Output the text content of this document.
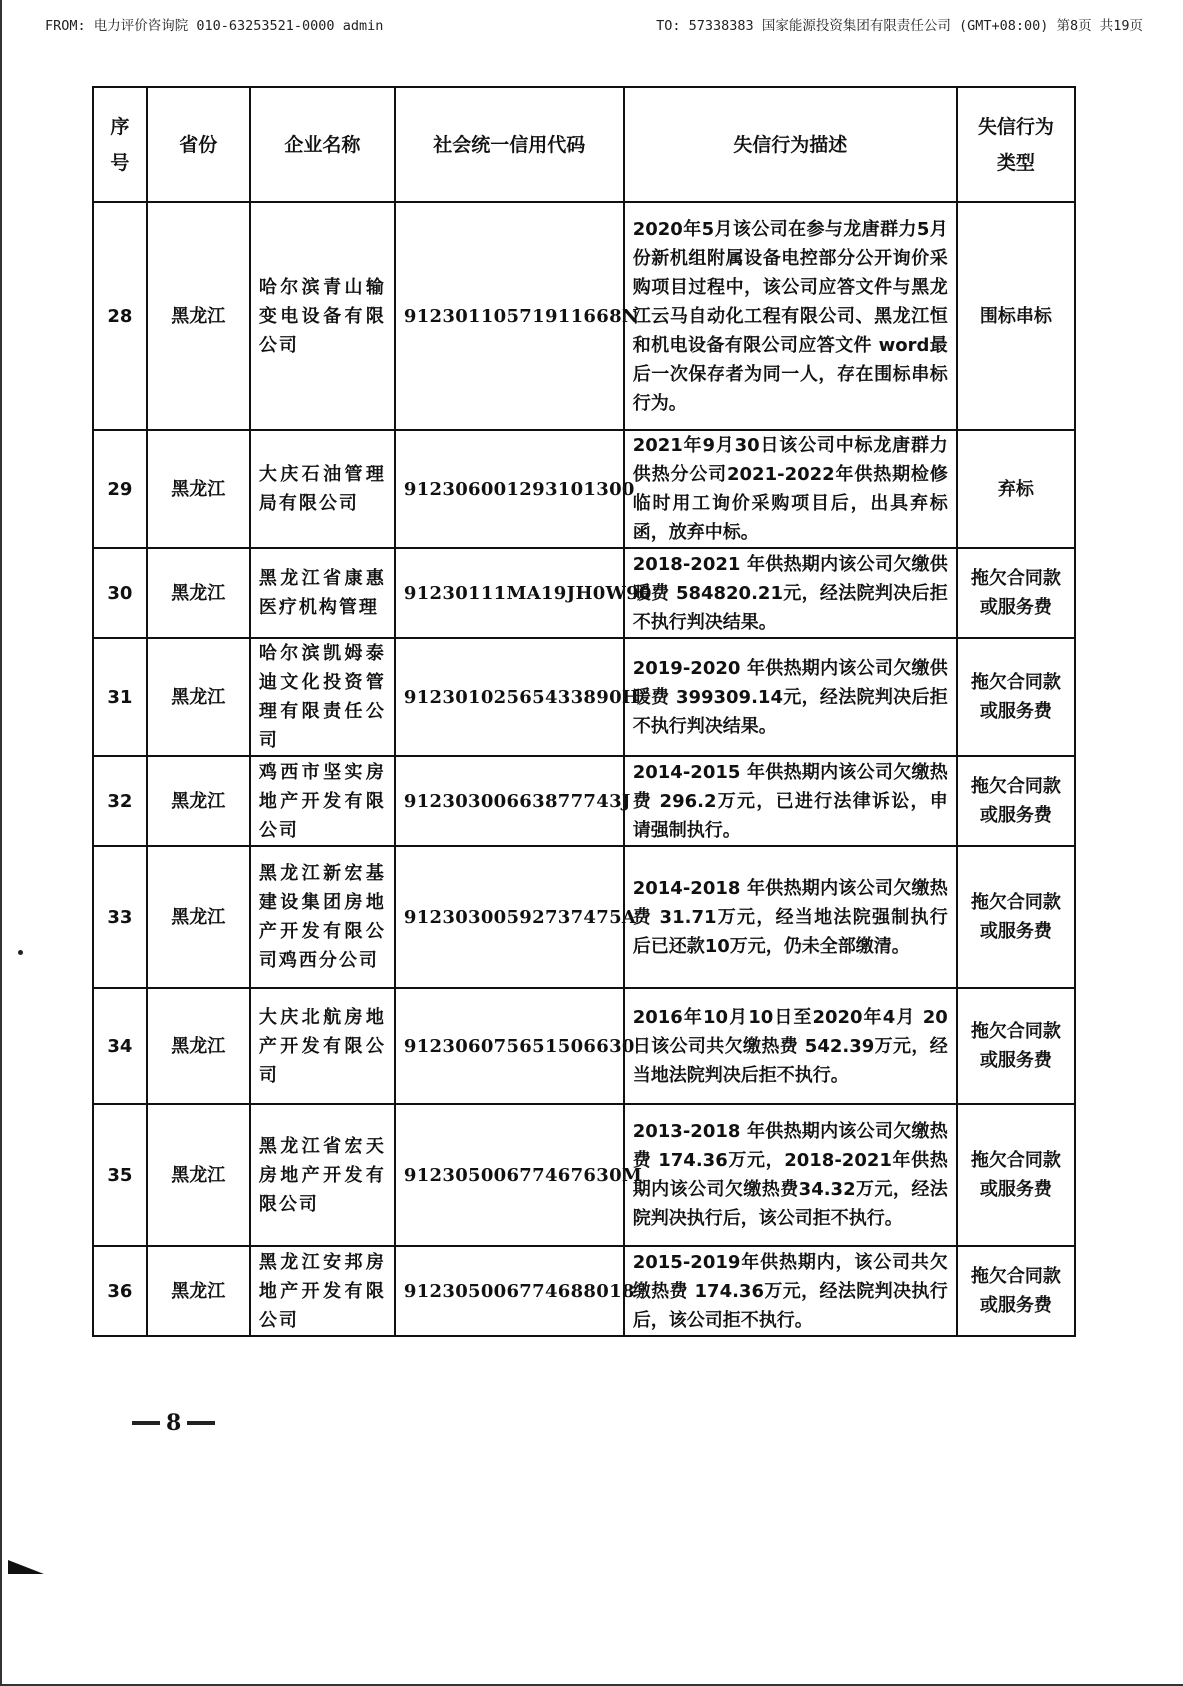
FROM: 电力评价咨询院 010-63253521-0000 admin	TO: 57338383 国家能源投资集团有限责任公司 (GMT+08:00) 第8页 共19页
序
号	省份	企业名称	社会统一信用代码	失信行为描述	失信行为
类型

28	黑龙江	哈尔滨青山输变电设备有限公司	91230110571911668N	2020年5月该公司在参与龙唐群力5月份新机组附属设备电控部分公开询价采购项目过程中，该公司应答文件与黑龙江云马自动化工程有限公司、黑龙江恒和机电设备有限公司应答文件 word最后一次保存者为同一人，存在围标串标行为。	围标串标
29	黑龙江	大庆石油管理局有限公司	912306001293101300	2021年9月30日该公司中标龙唐群力供热分公司2021-2022年供热期检修临时用工询价采购项目后，出具弃标函，放弃中标。	弃标
30	黑龙江	黑龙江省康惠医疗机构管理	91230111MA19JH0W90	2018-2021 年供热期内该公司欠缴供暖费 584820.21元，经法院判决后拒不执行判决结果。	拖欠合同款或服务费
31	黑龙江	哈尔滨凯姆泰迪文化投资管理有限责任公司	91230102565433890H	2019-2020 年供热期内该公司欠缴供暖费 399309.14元，经法院判决后拒不执行判决结果。	拖欠合同款或服务费
32	黑龙江	鸡西市坚实房地产开发有限公司	91230300663877743J	2014-2015 年供热期内该公司欠缴热费 296.2万元，已进行法律诉讼，申请强制执行。	拖欠合同款或服务费
33	黑龙江	黑龙江新宏基建设集团房地产开发有限公司鸡西分公司	91230300592737475A	2014-2018 年供热期内该公司欠缴热费 31.71万元，经当地法院强制执行后已还款10万元，仍未全部缴清。	拖欠合同款或服务费
34	黑龙江	大庆北航房地产开发有限公司	912306075651506630	2016年10月10日至2020年4月 20 日该公司共欠缴热费 542.39万元，经当地法院判决后拒不执行。	拖欠合同款或服务费
35	黑龙江	黑龙江省宏天房地产开发有限公司	91230500677467630M	2013-2018 年供热期内该公司欠缴热费 174.36万元，2018-2021年供热期内该公司欠缴热费34.32万元，经法院判决执行后，该公司拒不执行。	拖欠合同款或服务费
36	黑龙江	黑龙江安邦房地产开发有限公司	912305006774688018	2015-2019年供热期内，该公司共欠缴热费 174.36万元，经法院判决执行后，该公司拒不执行。	拖欠合同款或服务费
8
